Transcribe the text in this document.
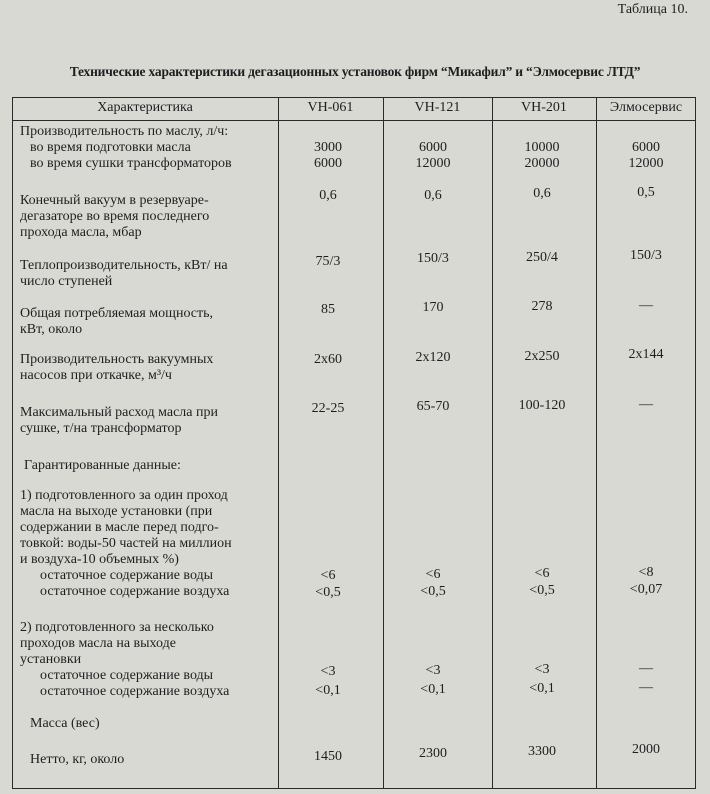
Таблица 10.
Технические характеристики дегазационных установок фирм “Микафил” и “Элмосервис ЛТД”
Характеристика	VH-061	VH-121	VH-201	Элмосервис
Производительность по маслу, л/ч:
во время подготовки масла	3000	6000	10000	6000
во время сушки трансформаторов	6000	12000	20000	12000
Конечный вакуум в резервуаре-
дегазаторе во время последнего
прохода масла, мбар
0,6	0,6	0,6	0,5
Теплопроизводительность, кВт/ на
число ступеней
75/3	150/3	250/4	150/3
Общая потребляемая мощность,
кВт, около
85	170	278	—
Производительность вакуумных
насосов при откачке, м³/ч
2х60	2х120	2х250	2х144
Максимальный расход масла при
сушке, т/на трансформатор
22-25	65-70	100-120	—
Гарантированные данные:
1) подготовленного за один проход
масла на выходе установки (при
содержании в масле перед подго-
товкой: воды-50 частей на миллион
и воздуха-10 объемных %)
остаточное содержание воды	<6	<6	<6	<8
остаточное содержание воздуха	<0,5	<0,5	<0,5	<0,07
2) подготовленного за несколько
проходов масла на выходе
установки
остаточное содержание воды	<3	<3	<3	—
остаточное содержание воздуха	<0,1	<0,1	<0,1	—
Масса (вес)
Нетто, кг, около	1450	2300	3300	2000
